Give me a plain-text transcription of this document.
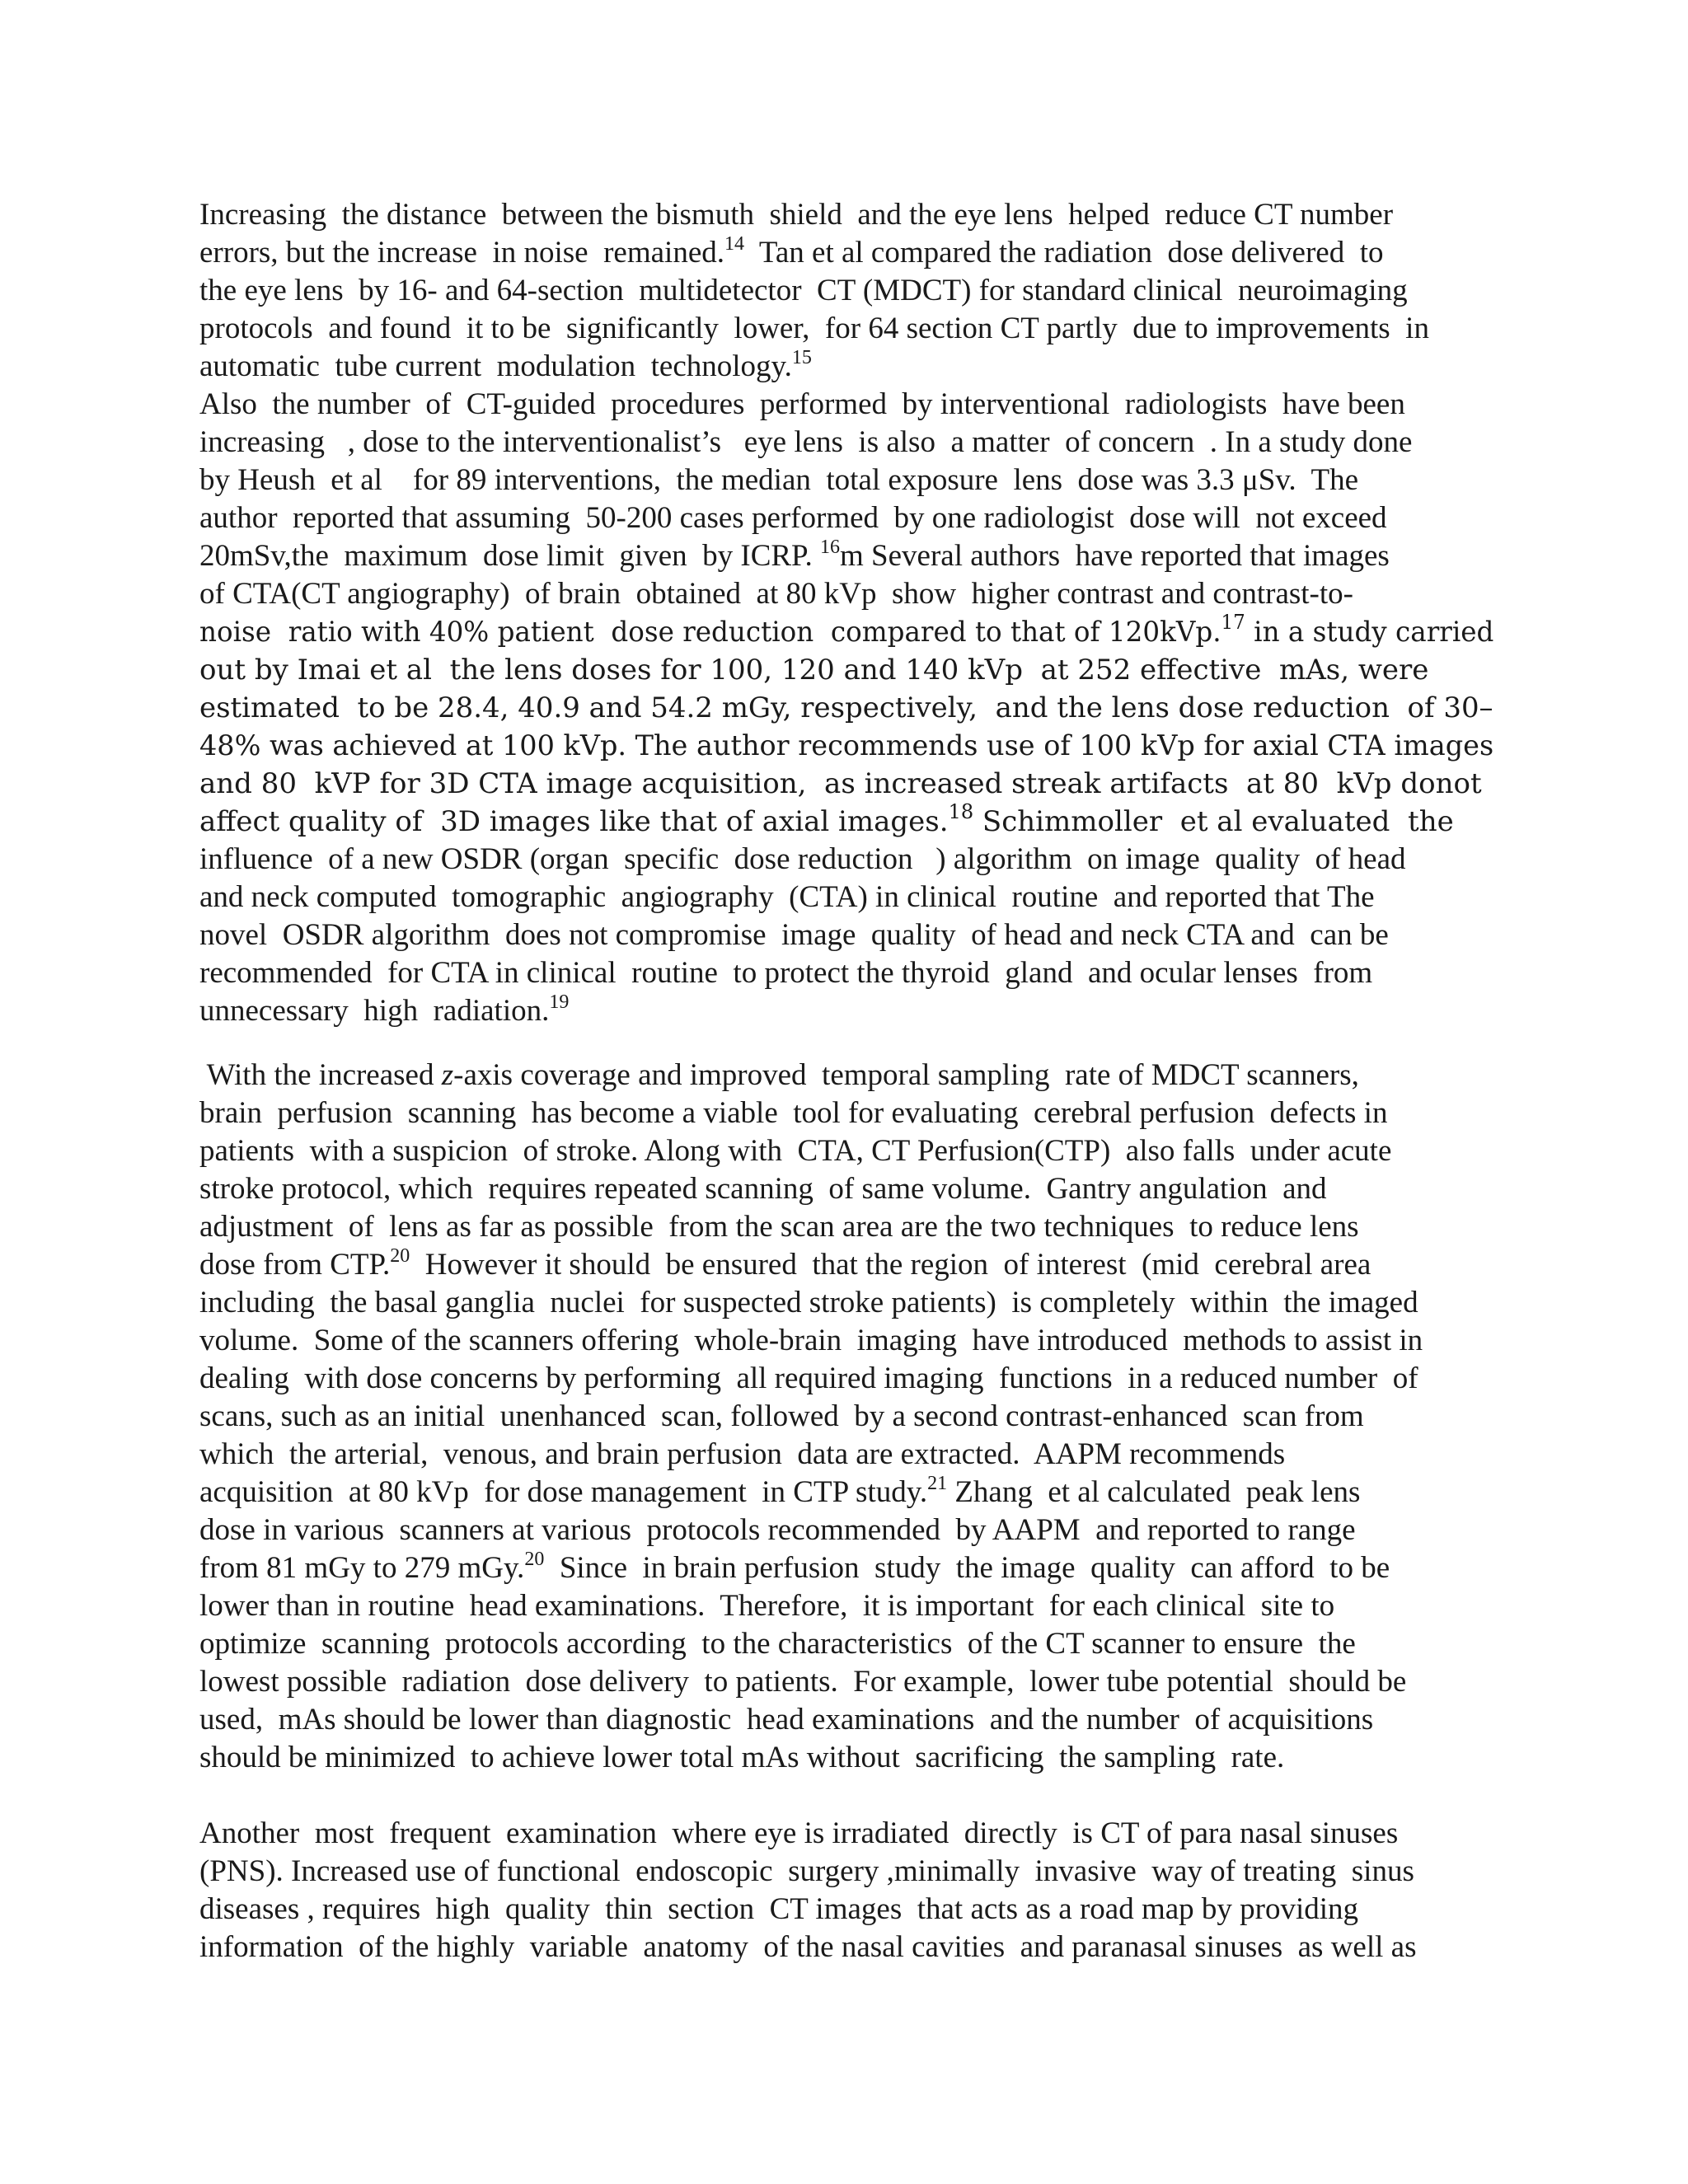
Increasing  the distance  between the bismuth  shield  and the eye lens  helped  reduce CT number
errors, but the increase  in noise  remained.$^{14}$  Tan et al compared the radiation  dose delivered  to
the eye lens  by 16- and 64-section  multidetector  CT (MDCT) for standard clinical  neuroimaging
protocols  and found  it to be  significantly  lower,  for 64 section CT partly  due to improvements  in
automatic  tube current  modulation  technology.$^{15}$
Also  the number  of  CT-guided  procedures  performed  by interventional  radiologists  have been
increasing   , dose to the interventionalist’s   eye lens  is also  a matter  of concern  . In a study done
by Heush  et al    for 89 interventions,  the median  total exposure  lens  dose was 3.3 μSv.  The
author  reported that assuming  50-200 cases performed  by one radiologist  dose will  not exceed
20mSv,the  maximum  dose limit  given  by ICRP. $^{16}$m Several authors  have reported that images
of CTA(CT angiography)  of brain  obtained  at 80 kVp  show  higher contrast and contrast-to-
noise  ratio with 40% patient  dose reduction  compared to that of 120kVp.$^{17}$ in a study carried
out by Imai et al  the lens doses for 100, 120 and 140 kVp  at 252 effective  mAs, were
estimated  to be 28.4, 40.9 and 54.2 mGy, respectively,  and the lens dose reduction  of 30–
48% was achieved at 100 kVp. The author recommends use of 100 kVp for axial CTA images
and 80  kVP for 3D CTA image acquisition,  as increased streak artifacts  at 80  kVp donot
affect quality of  3D images like that of axial images.$^{18}$ Schimmoller  et al evaluated  the
influence  of a new OSDR (organ  specific  dose reduction   ) algorithm  on image  quality  of head
and neck computed  tomographic  angiography  (CTA) in clinical  routine  and reported that The
novel  OSDR algorithm  does not compromise  image  quality  of head and neck CTA and  can be
recommended  for CTA in clinical  routine  to protect the thyroid  gland  and ocular lenses  from
unnecessary  high  radiation.$^{19}$
With the increased z-axis coverage and improved  temporal sampling  rate of MDCT scanners,
brain  perfusion  scanning  has become a viable  tool for evaluating  cerebral perfusion  defects in
patients  with a suspicion  of stroke. Along with  CTA, CT Perfusion(CTP)  also falls  under acute
stroke protocol, which  requires repeated scanning  of same volume.  Gantry angulation  and
adjustment  of  lens as far as possible  from the scan area are the two techniques  to reduce lens
dose from CTP.$^{20}$  However it should  be ensured  that the region  of interest  (mid  cerebral area
including  the basal ganglia  nuclei  for suspected stroke patients)  is completely  within  the imaged
volume.  Some of the scanners offering  whole-brain  imaging  have introduced  methods to assist in
dealing  with dose concerns by performing  all required imaging  functions  in a reduced number  of
scans, such as an initial  unenhanced  scan, followed  by a second contrast-enhanced  scan from
which  the arterial,  venous, and brain perfusion  data are extracted.  AAPM recommends
acquisition  at 80 kVp  for dose management  in CTP study.$^{21}$ Zhang  et al calculated  peak lens
dose in various  scanners at various  protocols recommended  by AAPM  and reported to range
from 81 mGy to 279 mGy.$^{20}$  Since  in brain perfusion  study  the image  quality  can afford  to be
lower than in routine  head examinations.  Therefore,  it is important  for each clinical  site to
optimize  scanning  protocols according  to the characteristics  of the CT scanner to ensure  the
lowest possible  radiation  dose delivery  to patients.  For example,  lower tube potential  should be
used,  mAs should be lower than diagnostic  head examinations  and the number  of acquisitions
should be minimized  to achieve lower total mAs without  sacrificing  the sampling  rate.
Another  most  frequent  examination  where eye is irradiated  directly  is CT of para nasal sinuses
(PNS). Increased use of functional  endoscopic  surgery ,minimally  invasive  way of treating  sinus
diseases , requires  high  quality  thin  section  CT images  that acts as a road map by providing
information  of the highly  variable  anatomy  of the nasal cavities  and paranasal sinuses  as well as
